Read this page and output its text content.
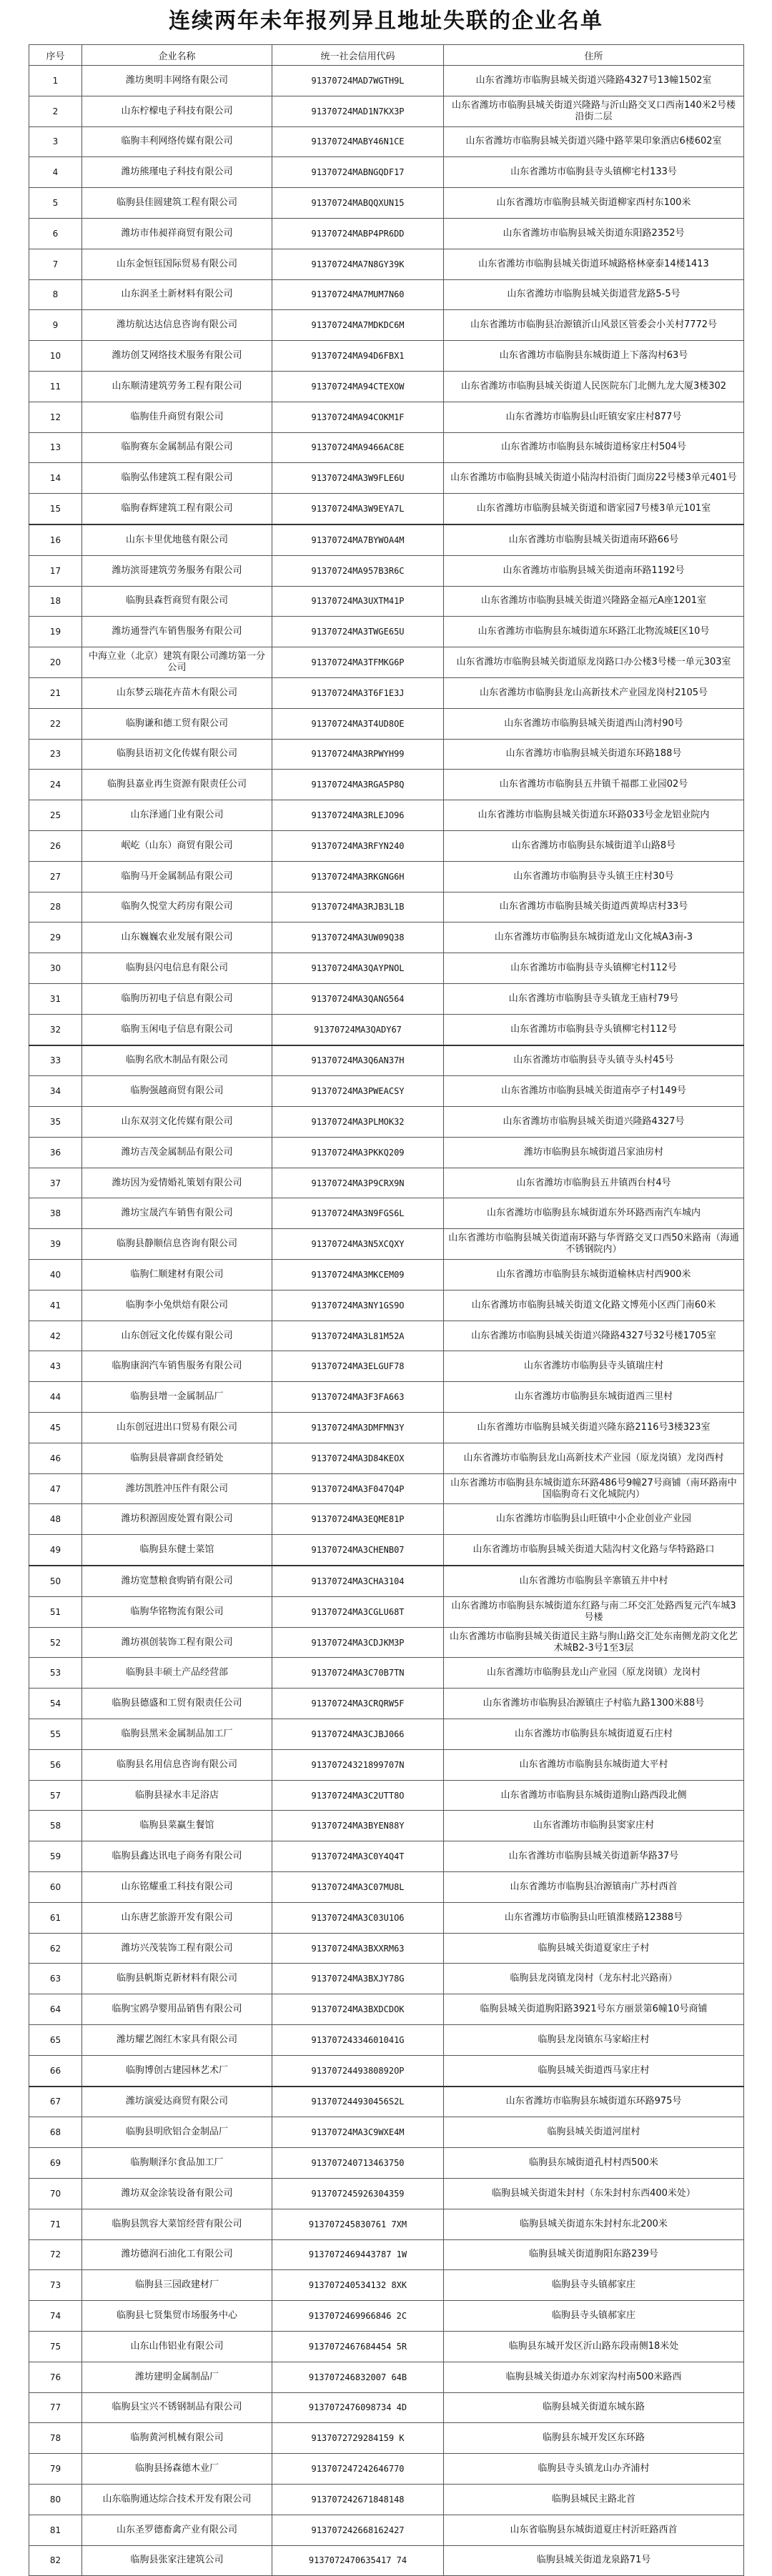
连续两年未年报列异且地址失联的企业名单
序号	企业名称	统一社会信用代码	住所
1	潍坊奥明丰网络有限公司	91370724MAD7WGTH9L	山东省潍坊市临朐县城关街道兴隆路4327号13幢1502室
2	山东柠檬电子科技有限公司	91370724MAD1N7KX3P	山东省潍坊市临朐县城关街道兴隆路与沂山路交叉口西南140米2号楼沿街二层
3	临朐丰利网络传媒有限公司	91370724MABY46N1CE	山东省潍坊市临朐县城关街道兴隆中路苹果印象酒店6楼602室
4	潍坊熊瑾电子科技有限公司	91370724MABNGQDF17	山东省潍坊市临朐县寺头镇柳宅村133号
5	临朐县佳圆建筑工程有限公司	91370724MABQQXUN15	山东省潍坊市临朐县城关街道柳家西村东100米
6	潍坊市伟昶祥商贸有限公司	91370724MABP4PR6DD	山东省潍坊市临朐县城关街道东阳路2352号
7	山东金恒钰国际贸易有限公司	91370724MA7N8GY39K	山东省潍坊市临朐县城关街道环城路格林豪泰14楼1413
8	山东润圣土新材料有限公司	91370724MA7MUM7N60	山东省潍坊市临朐县城关街道营龙路5-5号
9	潍坊航达达信息咨询有限公司	91370724MA7MDKDC6M	山东省潍坊市临朐县冶源镇沂山风景区管委会小关村7772号
10	潍坊创艾网络技术服务有限公司	91370724MA94D6FBX1	山东省潍坊市临朐县东城街道上下落沟村63号
11	山东顺清建筑劳务工程有限公司	91370724MA94CTEXOW	山东省潍坊市临朐县城关街道人民医院东门北侧九龙大厦3楼302
12	临朐佳升商贸有限公司	91370724MA94COKM1F	山东省潍坊市临朐县山旺镇安家庄村877号
13	临朐赛东金属制品有限公司	91370724MA9466AC8E	山东省潍坊市临朐县东城街道杨家庄村504号
14	临朐弘伟建筑工程有限公司	91370724MA3W9FLE6U	山东省潍坊市临朐县城关街道小陆沟村沿街门面房22号楼3单元401号
15	临朐春辉建筑工程有限公司	91370724MA3W9EYA7L	山东省潍坊市临朐县城关街道和谐家园7号楼3单元101室
16	山东卡里优地毯有限公司	91370724MA7BYWOA4M	山东省潍坊市临朐县城关街道南环路66号
17	潍坊滨哥建筑劳务服务有限公司	91370724MA957B3R6C	山东省潍坊市临朐县城关街道南环路1192号
18	临朐县森哲商贸有限公司	91370724MA3UXTM41P	山东省潍坊市临朐县城关街道兴隆路金福元A座1201室
19	潍坊通誉汽车销售服务有限公司	91370724MA3TWGE65U	山东省潍坊市临朐县东城街道东环路江北物流城E区10号
20	中海立业（北京）建筑有限公司潍坊第一分公司	91370724MA3TFMKG6P	山东省潍坊市临朐县城关街道原龙岗路口办公楼3号楼一单元303室
21	山东梦云瑞花卉苗木有限公司	91370724MA3T6F1E3J	山东省潍坊市临朐县龙山高新技术产业园龙岗村2105号
22	临朐谦和德工贸有限公司	91370724MA3T4UD8OE	山东省潍坊市临朐县城关街道西山湾村90号
23	临朐县语初文化传媒有限公司	91370724MA3RPWYH99	山东省潍坊市临朐县城关街道东环路188号
24	临朐县嘉业再生资源有限责任公司	91370724MA3RGA5P8Q	山东省潍坊市临朐县五井镇千福郡工业园02号
25	山东泽通门业有限公司	91370724MA3RLEJO96	山东省潍坊市临朐县城关街道东环路033号金龙铝业院内
26	岷屹（山东）商贸有限公司	91370724MA3RFYN240	山东省潍坊市临朐县东城街道羊山路8号
27	临朐马开金属制品有限公司	91370724MA3RKGNG6H	山东省潍坊市临朐县寺头镇王庄村30号
28	临朐久悦堂大药房有限公司	91370724MA3RJB3L1B	山东省潍坊市临朐县城关街道西黄埠店村33号
29	山东巍巍农业发展有限公司	91370724MA3UW09Q38	山东省潍坊市临朐县东城街道龙山文化城A3南-3
30	临朐县闪电信息有限公司	91370724MA3QAYPNOL	山东省潍坊市临朐县寺头镇柳宅村112号
31	临朐历初电子信息有限公司	91370724MA3QANG564	山东省潍坊市临朐县寺头镇龙王庙村79号
32	临朐玉闲电子信息有限公司	91370724MA3QADY67	山东省潍坊市临朐县寺头镇柳宅村112号
33	临朐名欣木制品有限公司	91370724MA3Q6AN37H	山东省潍坊市临朐县寺头镇寺头村45号
34	临朐强越商贸有限公司	91370724MA3PWEACSY	山东省潍坊市临朐县城关街道南亭子村149号
35	山东双羽文化传媒有限公司	91370724MA3PLMOK32	山东省潍坊市临朐县城关街道兴隆路4327号
36	潍坊吉茂金属制品有限公司	91370724MA3PKKQ209	潍坊市临朐县东城街道吕家油房村
37	潍坊因为爱情婚礼策划有限公司	91370724MA3P9CRX9N	山东省潍坊市临朐县五井镇西台村4号
38	潍坊宝晟汽车销售有限公司	91370724MA3N9FGS6L	山东省潍坊市临朐县东城街道东外环路西南汽车城内
39	临朐县静顺信息咨询有限公司	91370724MA3N5XCQXY	山东省潍坊市临朐县城关街道南环路与华胥路交叉口西50米路南（海通不锈钢院内）
40	临朐仁顺建材有限公司	91370724MA3MKCEM09	山东省潍坊市临朐县东城街道榆林店村西900米
41	临朐李小兔烘焙有限公司	91370724MA3NY1GS9O	山东省潍坊市临朐县城关街道文化路文博苑小区西门南60米
42	山东创冠文化传媒有限公司	91370724MA3L81M52A	山东省潍坊市临朐县城关街道兴隆路4327号32号楼1705室
43	临朐康润汽车销售服务有限公司	91370724MA3ELGUF78	山东省潍坊市临朐县寺头镇瑞庄村
44	临朐县增一金属制品厂	91370724MA3F3FA663	山东省潍坊市临朐县东城街道西三里村
45	山东创冠进出口贸易有限公司	91370724MA3DMFMN3Y	山东省潍坊市临朐县城关街道兴隆东路2116号3楼323室
46	临朐县晨睿副食经销处	91370724MA3D84KEOX	山东省潍坊市临朐县龙山高新技术产业园（原龙岗镇）龙岗西村
47	潍坊凯胜冲压件有限公司	91370724MA3F047Q4P	山东省潍坊市临朐县东城街道东环路486号9幢27号商铺（南环路南中国临朐奇石文化城院内）
48	潍坊积源固废处置有限公司	91370724MA3EQME81P	山东省潍坊市临朐县山旺镇中小企业创业产业园
49	临朐县东健士菜馆	91370724MA3CHENB07	山东省潍坊市临朐县城关街道大陆沟村文化路与华特路路口
50	潍坊宽慧粮食购销有限公司	91370724MA3CHA3104	山东省潍坊市临朐县辛寨镇五井中村
51	临朐华铭物流有限公司	91370724MA3CGLU68T	山东省潍坊市临朐县东城街道东红路与南二环交汇处路西复元汽车城3号楼
52	潍坊祺创装饰工程有限公司	91370724MA3CDJKM3P	山东省潍坊市临朐县城关街道民主路与朐山路交汇处东南侧龙韵文化艺术城B2-3号1至3层
53	临朐县丰硕土产品经营部	91370724MA3C70B7TN	山东省潍坊市临朐县龙山产业园（原龙岗镇）龙岗村
54	临朐县德盛和工贸有限责任公司	91370724MA3CRQRW5F	山东省潍坊市临朐县冶源镇庄子村临九路1300米88号
55	临朐县黑米金属制品加工厂	91370724MA3CJBJ066	山东省潍坊市临朐县东城街道夏石庄村
56	临朐县名用信息咨询有限公司	91370724321899707N	山东省潍坊市临朐县东城街道大平村
57	临朐县禄水丰足浴店	91370724MA3C2UTT8O	山东省潍坊市临朐县东城街道朐山路西段北侧
58	临朐县菜赢生餐馆	91370724MA3BYEN88Y	山东省潍坊市临朐县窦家庄村
59	临朐县鑫达讯电子商务有限公司	91370724MA3C0Y4Q4T	山东省潍坊市临朐县城关街道新华路37号
60	山东铭耀重工科技有限公司	91370724MA3C07MU8L	山东省潍坊市临朐县冶源镇南广苏村西首
61	山东唐艺旅游开发有限公司	91370724MA3C03U1O6	山东省潍坊市临朐县山旺镇淮楼路12388号
62	潍坊兴茂装饰工程有限公司	91370724MA3BXXRM63	临朐县城关街道夏家庄子村
63	临朐县帆斯克新材料有限公司	91370724MA3BXJY78G	临朐县龙岗镇龙岗村（龙东村北兴路南）
64	临朐宝鸥孕婴用品销售有限公司	91370724MA3BXDCDOK	临朐县城关街道朐阳路3921号东方丽景第6幢10号商铺
65	潍坊耀艺阁红木家具有限公司	91370724334601041G	临朐县龙岗镇东马家峪庄村
66	临朐博创古建园林艺术厂	9137072449380892OP	临朐县城关街道西马家庄村
67	潍坊演爱达商贸有限公司	913707244930456S2L	山东省潍坊市临朐县东城街道东环路975号
68	临朐县明欣铝合金制品厂	91370724MA3C9WXE4M	临朐县城关街道河崖村
69	临朐顺泽尔食品加工厂	913707240713463750	临朐县东城街道孔村村西500米
70	潍坊双金涂装设备有限公司	913707245926304359	临朐县城关街道朱封村（东朱封村东西400米处）
71	临朐县凯容大菜馆经营有限公司	913707245830761 7XM	临朐县城关街道东朱封村东北200米
72	潍坊德润石油化工有限公司	9137072469443787 1W	临朐县城关街道朐阳东路239号
73	临朐县三园政建材厂	913707240534132 8XK	临朐县寺头镇郝家庄
74	临朐县七贤集贸市场服务中心	9137072469966846 2C	临朐县寺头镇郝家庄
75	山东山伟铝业有限公司	9137072467684454 5R	临朐县东城开发区沂山路东段南侧18米处
76	潍坊建明金属制品厂	913707246832007 64B	临朐县城关街道办东刘家沟村南500米路西
77	临朐县宝兴不锈钢制品有限公司	9137072476098734 4D	临朐县城关街道东城东路
78	临朐黄河机械有限公司	9137072729284159 K	临朐县东城开发区东环路
79	临朐县扬森德木业厂	913707247242646770	临朐县寺头镇龙山办齐浦村
80	山东临朐通达综合技术开发有限公司	913707242671848148	临朐县城民主路北首
81	山东圣罗德畜禽产业有限公司	913707242668162427	山东省临朐县东城街道夏庄村沂旺路西首
82	临朐县张家注建筑公司	9137072470635417 74	临朐县城关街道龙泉路71号
